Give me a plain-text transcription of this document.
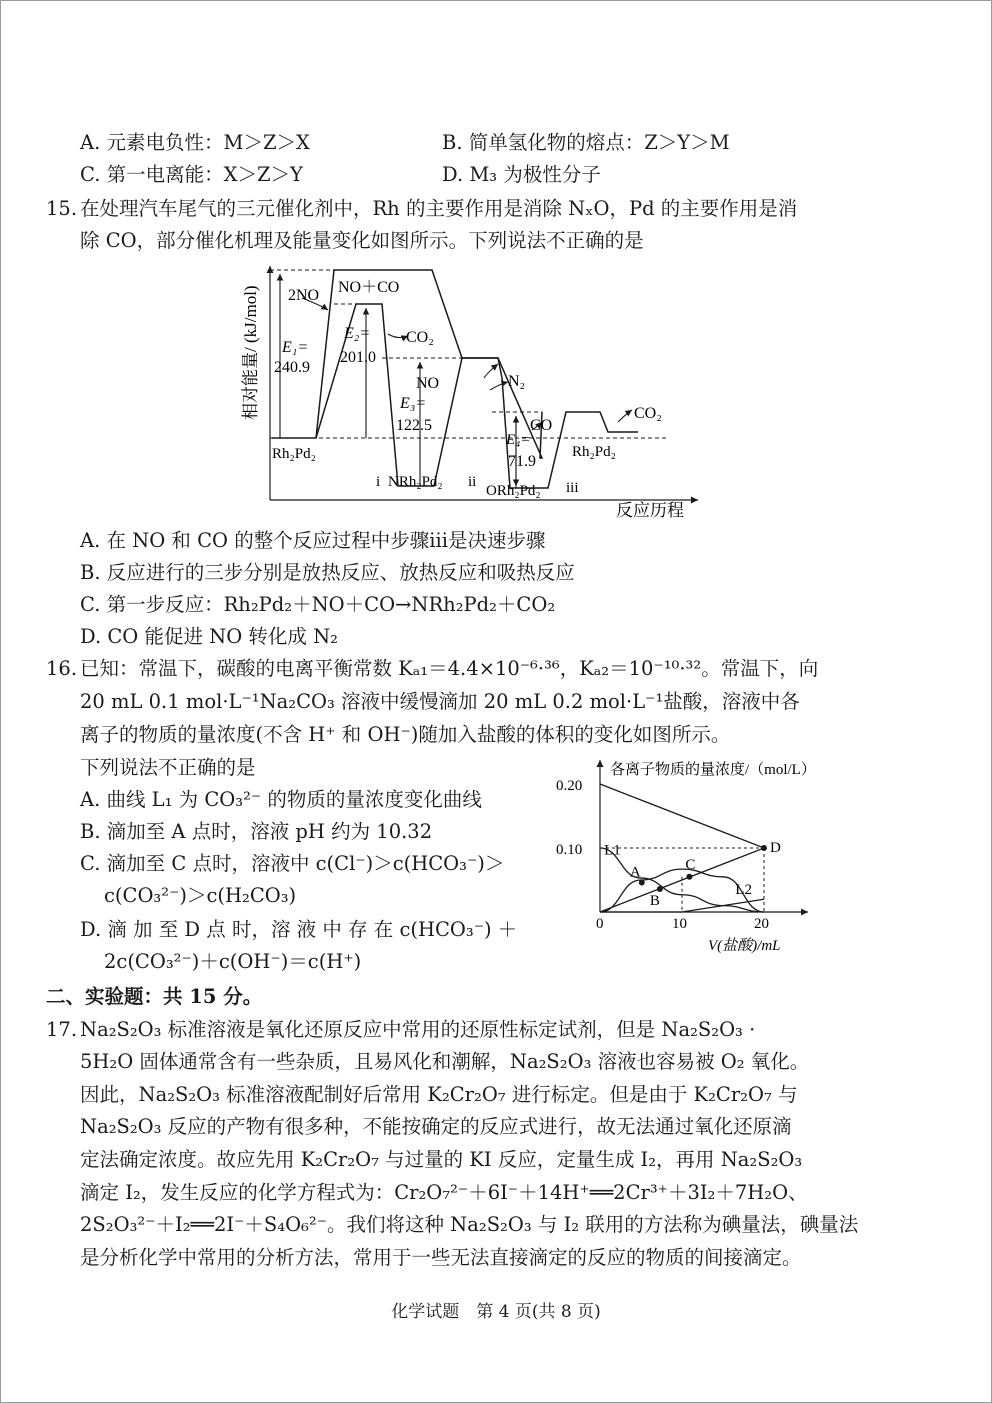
A. 元素电负性：M＞Z＞X	B. 简单氢化物的熔点：Z＞Y＞M
C. 第一电离能：X＞Z＞Y	D. M₃ 为极性分子
15. 在处理汽车尾气的三元催化剂中，Rh 的主要作用是消除 NₓO，Pd 的主要作用是消
除 CO，部分催化机理及能量变化如图所示。下列说法不正确的是
相对能量/ (kJ/mol)
反应历程
2NO NO＋CO
CO₂
NO	N₂
CO
CO₂
Rh₂Pd₂
i NRh₂Pd₂ ii
ORh₂Pd₂ iii
Rh₂Pd₂
E₁=
240.9
E₂=
201.0
E₃=
122.5
E₄=
71.9
A. 在 NO 和 CO 的整个反应过程中步骤ⅲ是决速步骤
B. 反应进行的三步分别是放热反应、放热反应和吸热反应
C. 第一步反应：Rh₂Pd₂＋NO＋CO→NRh₂Pd₂＋CO₂
D. CO 能促进 NO 转化成 N₂
16. 已知：常温下，碳酸的电离平衡常数 Kₐ₁＝4.4×10⁻⁶·³⁶，Kₐ₂＝10⁻¹⁰·³²。常温下，向
20 mL 0.1 mol·L⁻¹Na₂CO₃ 溶液中缓慢滴加 20 mL 0.2 mol·L⁻¹盐酸，溶液中各
离子的物质的量浓度(不含 H⁺ 和 OH⁻)随加入盐酸的体积的变化如图所示。
下列说法不正确的是
A. 曲线 L₁ 为 CO₃²⁻ 的物质的量浓度变化曲线
B. 滴加至 A 点时，溶液 pH 约为 10.32
C. 滴加至 C 点时，溶液中 c(Cl⁻)＞c(HCO₃⁻)＞
c(CO₃²⁻)＞c(H₂CO₃)
D. 滴 加 至 D 点 时，溶 液 中 存 在 c(HCO₃⁻) ＋
2c(CO₃²⁻)＋c(OH⁻)＝c(H⁺)
各离子物质的量浓度/（mol/L）
0.20
0.10
0	10	20
V(盐酸)/mL
A
B
C
D
L1
L2
二、实验题：共 15 分。
17. Na₂S₂O₃ 标准溶液是氧化还原反应中常用的还原性标定试剂，但是 Na₂S₂O₃ ·
5H₂O 固体通常含有一些杂质，且易风化和潮解，Na₂S₂O₃ 溶液也容易被 O₂ 氧化。
因此，Na₂S₂O₃ 标准溶液配制好后常用 K₂Cr₂O₇ 进行标定。但是由于 K₂Cr₂O₇ 与
Na₂S₂O₃ 反应的产物有很多种，不能按确定的反应式进行，故无法通过氧化还原滴
定法确定浓度。故应先用 K₂Cr₂O₇ 与过量的 KI 反应，定量生成 I₂，再用 Na₂S₂O₃
滴定 I₂，发生反应的化学方程式为：Cr₂O₇²⁻＋6I⁻＋14H⁺══2Cr³⁺＋3I₂＋7H₂O、
2S₂O₃²⁻＋I₂══2I⁻＋S₄O₆²⁻。我们将这种 Na₂S₂O₃ 与 I₂ 联用的方法称为碘量法，碘量法
是分析化学中常用的分析方法，常用于一些无法直接滴定的反应的物质的间接滴定。
化学试题　第 4 页(共 8 页)
